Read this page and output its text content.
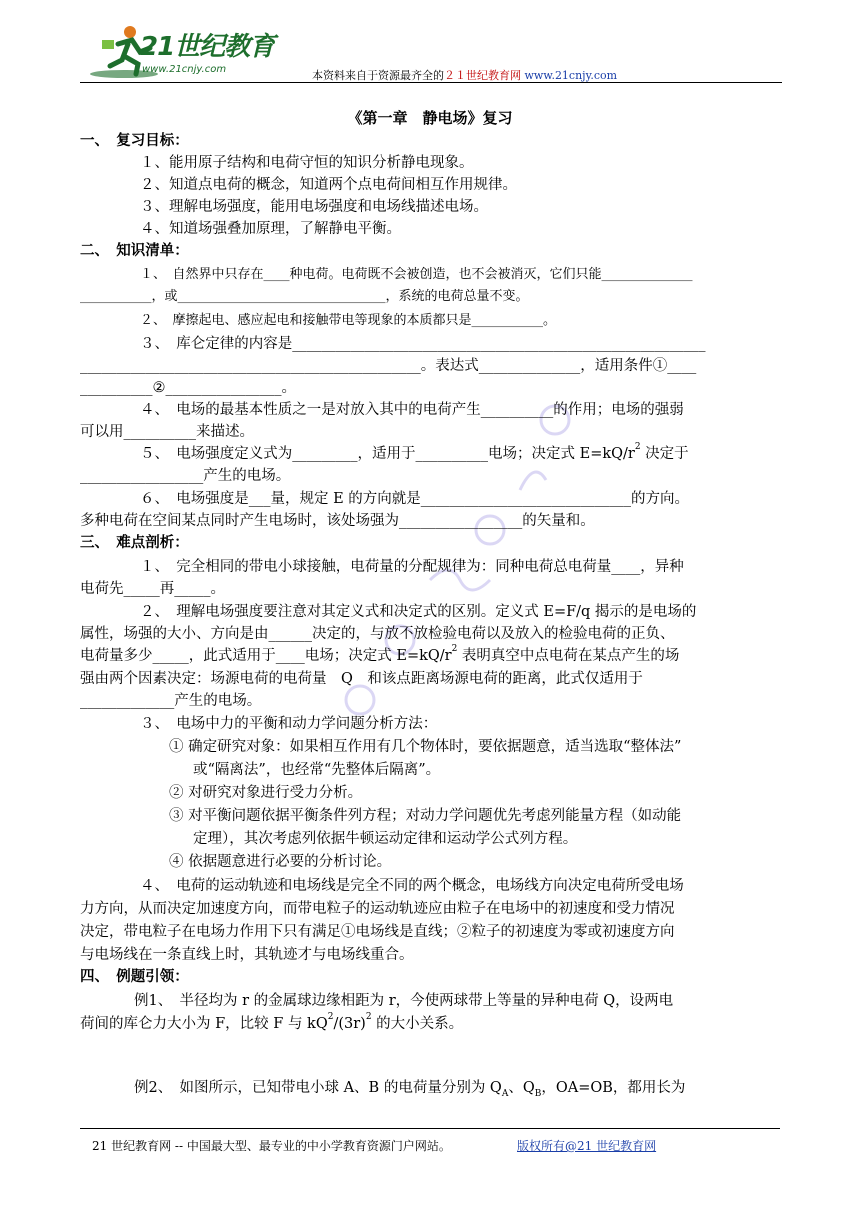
21世纪教育
www.21cnjy.com	本资料来自于资源最齐全的２１世纪教育网 www.21cnjy.com
《第一章　静电场》复习
一、　复习目标：
１、能用原子结构和电荷守恒的知识分析静电现象。
２、知道点电荷的概念，知道两个点电荷间相互作用规律。
３、理解电场强度，能用电场强度和电场线描述电场。
４、知道场强叠加原理，了解静电平衡。
二、　知识清单：
１、　自然界中只存在____种电荷。电荷既不会被创造，也不会被消灭，它们只能______________
___________，或________________________________，系统的电荷总量不变。
２、　摩擦起电、感应起电和接触带电等现象的本质都只是___________。
３、　库仑定律的内容是_________________________________________________________
_______________________________________________。表达式______________，适用条件①____
__________②________________。
４、　电场的最基本性质之一是对放入其中的电荷产生__________的作用；电场的强弱
可以用__________来描述。
５、　电场强度定义式为_________，适用于__________电场；决定式 $E=kQ/r^2$ 决定于
_________________产生的电场。
６、　电场强度是___量，规定 E 的方向就是_____________________________的方向。
多种电荷在空间某点同时产生电场时，该处场强为_________________的矢量和。
三、　难点剖析：
１、　完全相同的带电小球接触，电荷量的分配规律为：同种电荷总电荷量____，异种
电荷先_____再_____。
２、　理解电场强度要注意对其定义式和决定式的区别。定义式 E=F/q 揭示的是电场的
属性，场强的大小、方向是由______决定的，与放不放检验电荷以及放入的检验电荷的正负、
电荷量多少_____，此式适用于____电场；决定式 $E=kQ/r^2$ 表明真空中点电荷在某点产生的场
强由两个因素决定：场源电荷的电荷量　Q　和该点距离场源电荷的距离，此式仅适用于
_____________产生的电场。
３、　电场中力的平衡和动力学问题分析方法：
① 确定研究对象：如果相互作用有几个物体时，要依据题意，适当选取“整体法”
或“隔离法”，也经常“先整体后隔离”。
② 对研究对象进行受力分析。
③ 对平衡问题依据平衡条件列方程；对动力学问题优先考虑列能量方程（如动能
定理），其次考虑列依据牛顿运动定律和运动学公式列方程。
④ 依据题意进行必要的分析讨论。
４、　电荷的运动轨迹和电场线是完全不同的两个概念，电场线方向决定电荷所受电场
力方向，从而决定加速度方向，而带电粒子的运动轨迹应由粒子在电场中的初速度和受力情况
决定，带电粒子在电场力作用下只有满足①电场线是直线；②粒子的初速度为零或初速度方向
与电场线在一条直线上时，其轨迹才与电场线重合。
四、　例题引领：
例1、　半径均为 r 的金属球边缘相距为 r，今使两球带上等量的异种电荷 Q，设两电
荷间的库仑力大小为 F，比较 F 与 $kQ^2/(3r)^2$ 的大小关系。
例2、　如图所示，已知带电小球 A、B 的电荷量分别为 $Q_A$、$Q_B$，OA=OB，都用长为
21 世纪教育网 -- 中国最大型、最专业的中小学教育资源门户网站。	版权所有@21 世纪教育网
